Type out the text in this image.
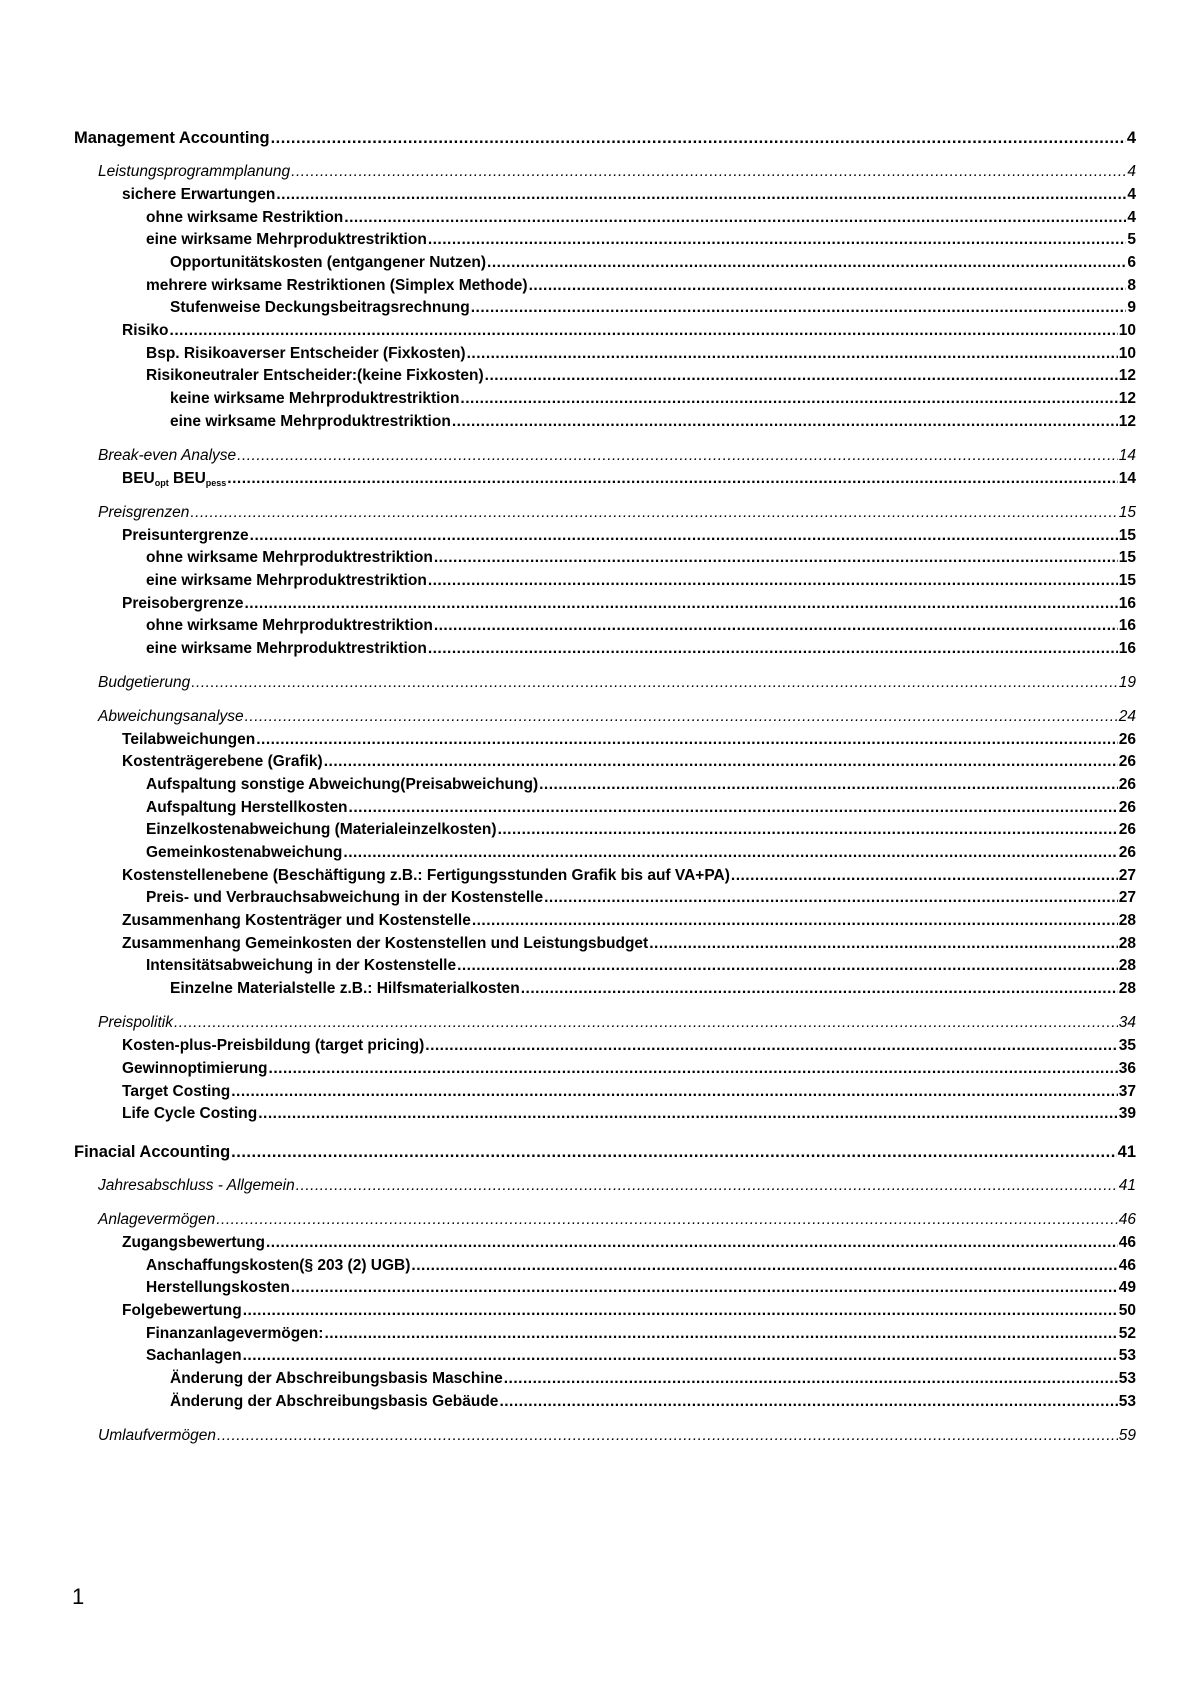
Management Accounting .....	4
Leistungsprogrammplanung .....	4
sichere Erwartungen .....	4
ohne wirksame Restriktion .....	4
eine wirksame Mehrproduktrestriktion .....	5
Opportunitätskosten (entgangener Nutzen) .....	6
mehrere wirksame Restriktionen (Simplex Methode) .....	8
Stufenweise Deckungsbeitragsrechnung .....	9
Risiko .....	10
Bsp. Risikoaverser Entscheider (Fixkosten) .....	10
Risikoneutraler Entscheider:(keine Fixkosten) .....	12
keine wirksame Mehrproduktrestriktion .....	12
eine wirksame Mehrproduktrestriktion .....	12
Break-even Analyse .....	14
$BEU_{opt}$ $BEU_{pess}$ .....	14
Preisgrenzen .....	15
Preisuntergrenze .....	15
ohne wirksame Mehrproduktrestriktion .....	15
eine wirksame Mehrproduktrestriktion .....	15
Preisobergrenze .....	16
ohne wirksame Mehrproduktrestriktion .....	16
eine wirksame Mehrproduktrestriktion .....	16
Budgetierung .....	19
Abweichungsanalyse .....	24
Teilabweichungen .....	26
Kostenträgerebene (Grafik) .....	26
Aufspaltung sonstige Abweichung(Preisabweichung) .....	26
Aufspaltung Herstellkosten .....	26
Einzelkostenabweichung (Materialeinzelkosten) .....	26
Gemeinkostenabweichung .....	26
Kostenstellenebene (Beschäftigung z.B.: Fertigungsstunden Grafik bis auf VA+PA) .....	27
Preis- und Verbrauchsabweichung in der Kostenstelle .....	27
Zusammenhang Kostenträger und Kostenstelle .....	28
Zusammenhang Gemeinkosten der Kostenstellen und Leistungsbudget .....	28
Intensitätsabweichung in der Kostenstelle .....	28
Einzelne Materialstelle z.B.: Hilfsmaterialkosten .....	28
Preispolitik .....	34
Kosten-plus-Preisbildung (target pricing) .....	35
Gewinnoptimierung .....	36
Target Costing .....	37
Life Cycle Costing .....	39
Finacial Accounting .....	41
Jahresabschluss - Allgemein .....	41
Anlagevermögen .....	46
Zugangsbewertung .....	46
Anschaffungskosten(§ 203 (2) UGB) .....	46
Herstellungskosten .....	49
Folgebewertung .....	50
Finanzanlagevermögen: .....	52
Sachanlagen .....	53
Änderung der Abschreibungsbasis Maschine .....	53
Änderung der Abschreibungsbasis Gebäude .....	53
Umlaufvermögen .....	59
1
